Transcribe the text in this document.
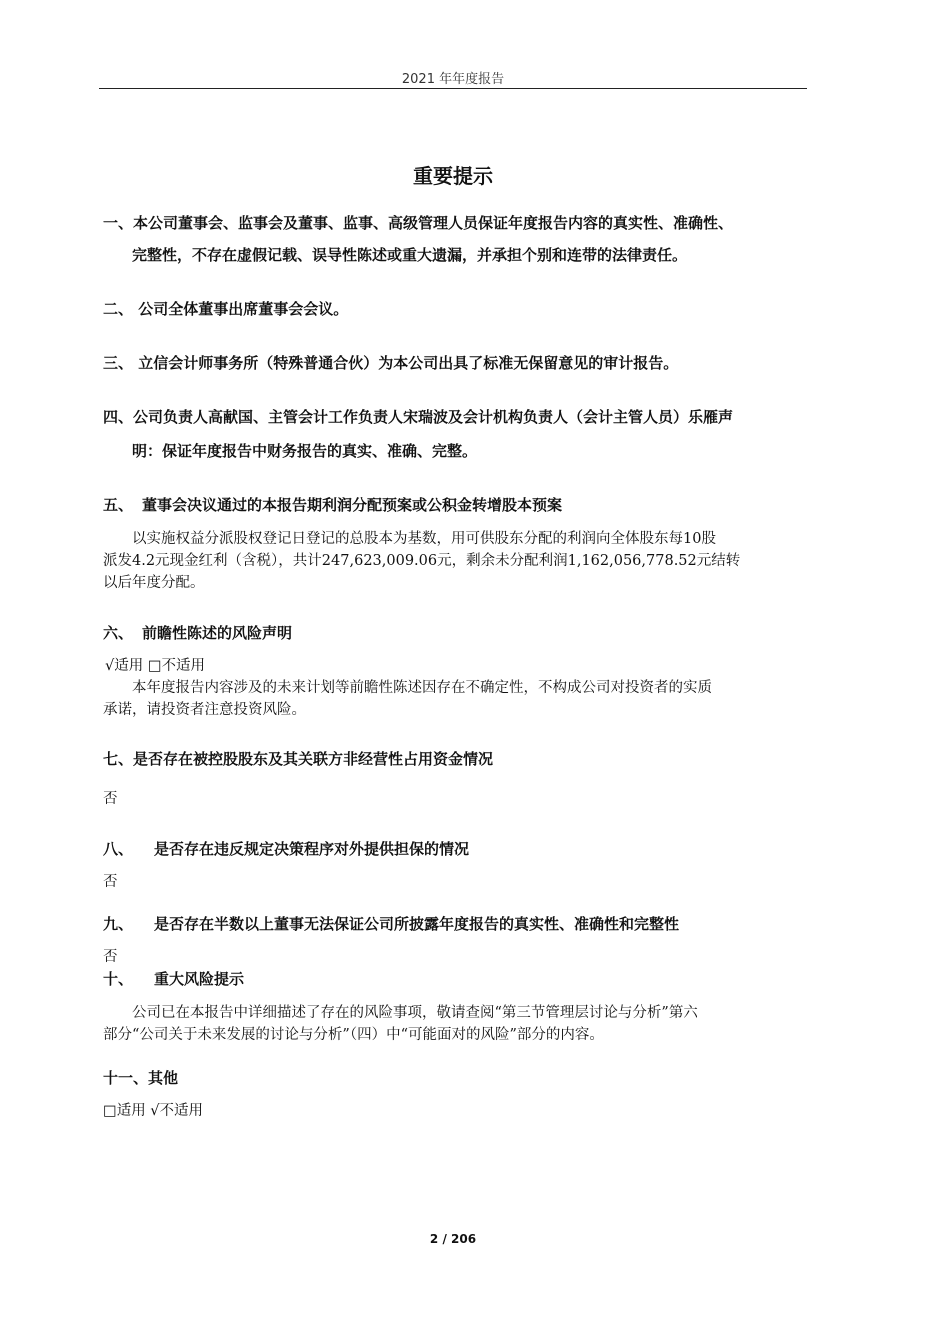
2021 年年度报告
重要提示
一、本公司董事会、监事会及董事、监事、高级管理人员保证年度报告内容的真实性、准确性、
完整性，不存在虚假记载、误导性陈述或重大遗漏，并承担个别和连带的法律责任。
二、 公司全体董事出席董事会会议。
三、 立信会计师事务所（特殊普通合伙）为本公司出具了标准无保留意见的审计报告。
四、公司负责人高献国、主管会计工作负责人宋瑞波及会计机构负责人（会计主管人员）乐雁声
明：保证年度报告中财务报告的真实、准确、完整。
五、 董事会决议通过的本报告期利润分配预案或公积金转增股本预案
以实施权益分派股权登记日登记的总股本为基数，用可供股东分配的利润向全体股东每10股
派发4.2元现金红利（含税），共计247,623,009.06元，剩余未分配利润1,162,056,778.52元结转
以后年度分配。
六、 前瞻性陈述的风险声明
√适用 □不适用
本年度报告内容涉及的未来计划等前瞻性陈述因存在不确定性，不构成公司对投资者的实质
承诺，请投资者注意投资风险。
七、是否存在被控股股东及其关联方非经营性占用资金情况
否
八、 是否存在违反规定决策程序对外提供担保的情况
否
九、 是否存在半数以上董事无法保证公司所披露年度报告的真实性、准确性和完整性
否
十、 重大风险提示
公司已在本报告中详细描述了存在的风险事项，敬请查阅“第三节管理层讨论与分析”第六
部分“公司关于未来发展的讨论与分析”（四）中“可能面对的风险”部分的内容。
十一、其他
□适用 √不适用
2 / 206
